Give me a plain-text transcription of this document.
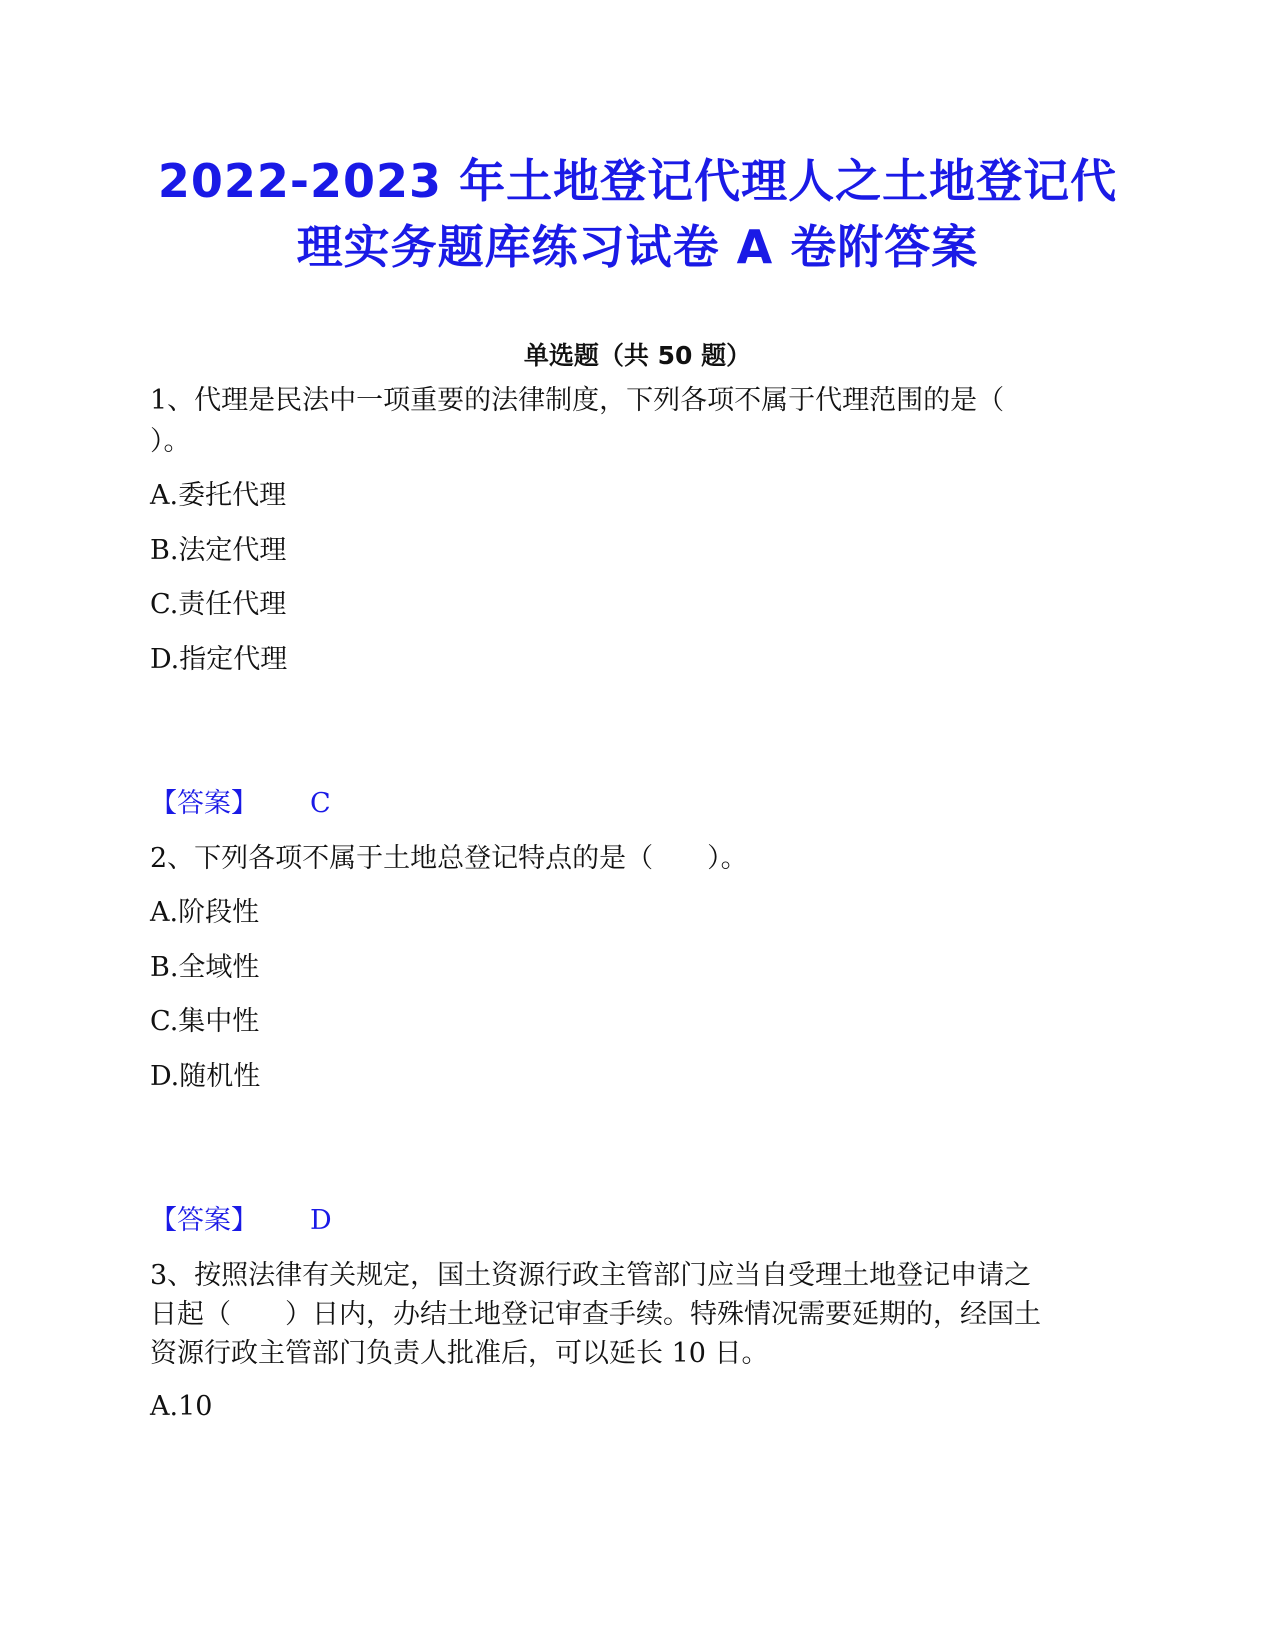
2022-2023 年土地登记代理人之土地登记代
理实务题库练习试卷 A 卷附答案
单选题（共 50 题）
1、代理是民法中一项重要的法律制度，下列各项不属于代理范围的是（
）。
A.委托代理
B.法定代理
C.责任代理
D.指定代理
【答案】 C
2、下列各项不属于土地总登记特点的是（　　）。
A.阶段性
B.全域性
C.集中性
D.随机性
【答案】 D
3、按照法律有关规定，国土资源行政主管部门应当自受理土地登记申请之
日起（　　）日内，办结土地登记审查手续。特殊情况需要延期的，经国土
资源行政主管部门负责人批准后，可以延长 10 日。
A.10
